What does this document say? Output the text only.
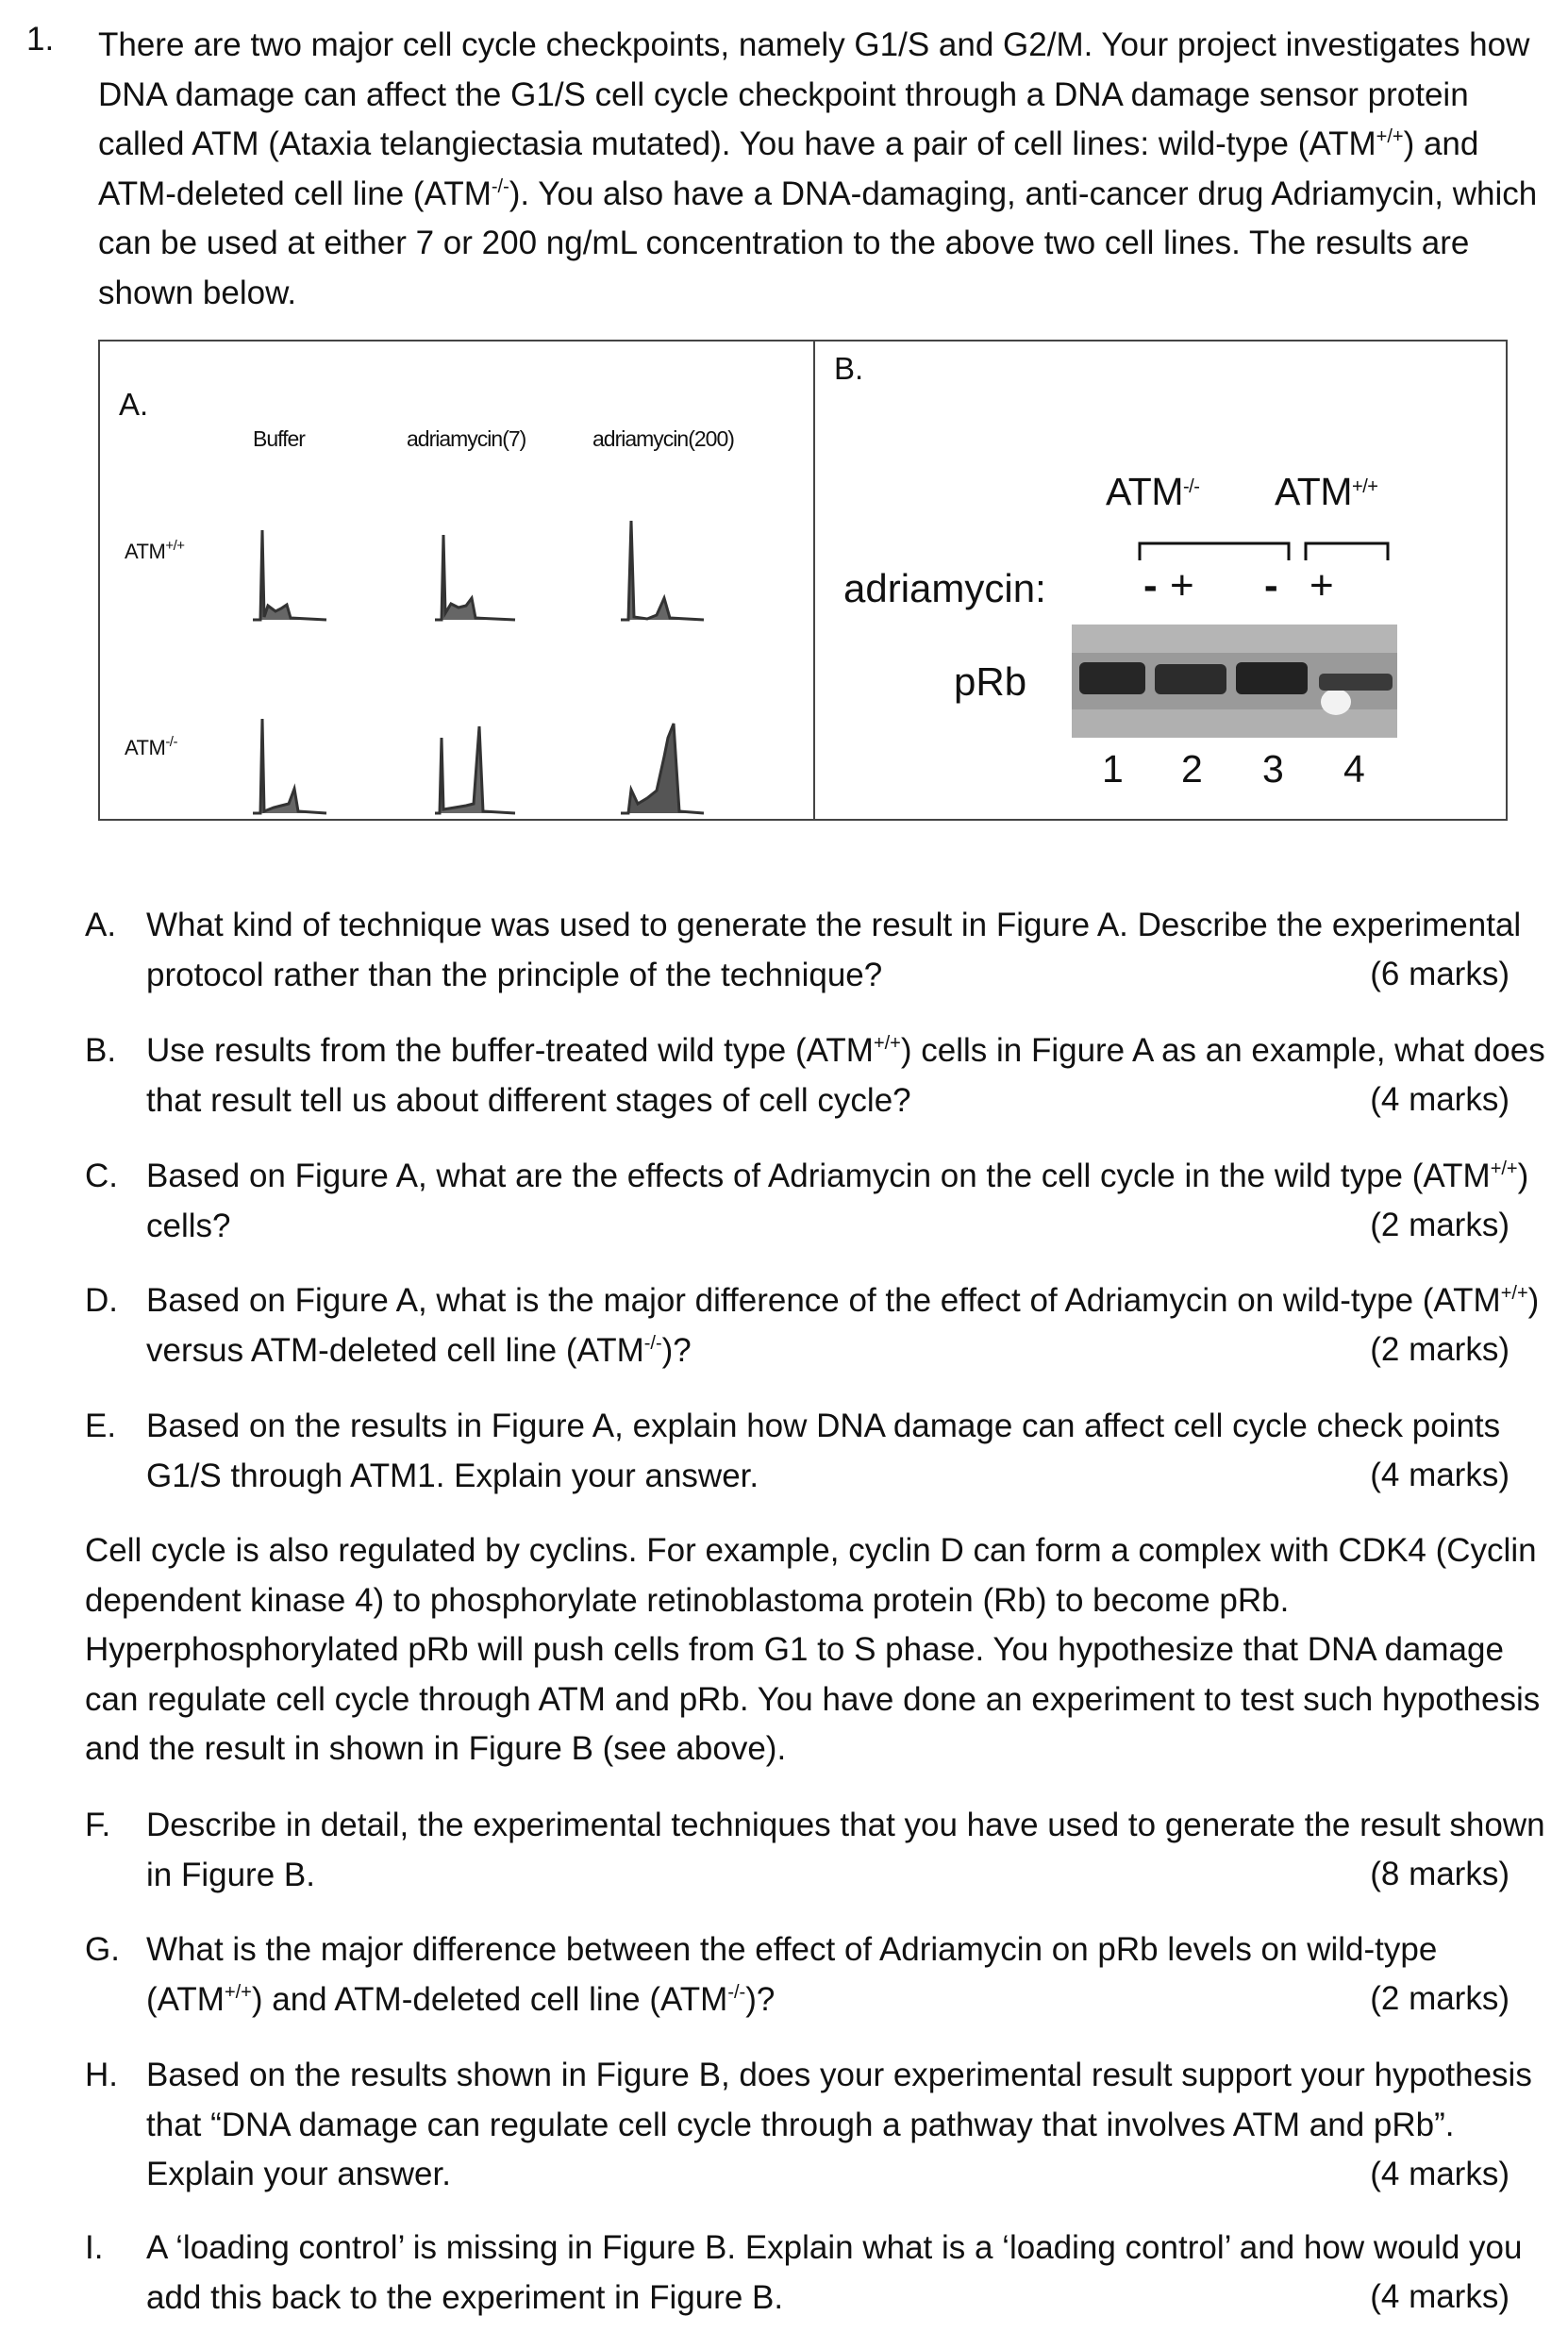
1. There are two major cell cycle checkpoints, namely G1/S and G2/M. Your project investigates how DNA damage can affect the G1/S cell cycle checkpoint through a DNA damage sensor protein called ATM (Ataxia telangiectasia mutated). You have a pair of cell lines: wild-type (ATM+/+) and ATM-deleted cell line (ATM-/-). You also have a DNA-damaging, anti-cancer drug Adriamycin, which can be used at either 7 or 200 ng/mL concentration to the above two cell lines. The results are shown below.
A.
B.
Buffer	adriamycin(7)	adriamycin(200)
ATM+/+
ATM-/-
ATM-/- ATM+/+
adriamycin: - + - +
pRb
1 2 3 4
A. What kind of technique was used to generate the result in Figure A. Describe the experimental protocol rather than the principle of the technique?	(6 marks)
B. Use results from the buffer-treated wild type (ATM+/+) cells in Figure A as an example, what does that result tell us about different stages of cell cycle?	(4 marks)
C. Based on Figure A, what are the effects of Adriamycin on the cell cycle in the wild type (ATM+/+) cells?	(2 marks)
D. Based on Figure A, what is the major difference of the effect of Adriamycin on wild-type (ATM+/+) versus ATM-deleted cell line (ATM-/-)?	(2 marks)
E. Based on the results in Figure A, explain how DNA damage can affect cell cycle check points G1/S through ATM1. Explain your answer.	(4 marks)
Cell cycle is also regulated by cyclins. For example, cyclin D can form a complex with CDK4 (Cyclin dependent kinase 4) to phosphorylate retinoblastoma protein (Rb) to become pRb. Hyperphosphorylated pRb will push cells from G1 to S phase. You hypothesize that DNA damage can regulate cell cycle through ATM and pRb. You have done an experiment to test such hypothesis and the result in shown in Figure B (see above).
F. Describe in detail, the experimental techniques that you have used to generate the result shown in Figure B.	(8 marks)
G. What is the major difference between the effect of Adriamycin on pRb levels on wild-type (ATM+/+) and ATM-deleted cell line (ATM-/-)?	(2 marks)
H. Based on the results shown in Figure B, does your experimental result support your hypothesis that “DNA damage can regulate cell cycle through a pathway that involves ATM and pRb”. Explain your answer.	(4 marks)
I. A ‘loading control’ is missing in Figure B. Explain what is a ‘loading control’ and how would you add this back to the experiment in Figure B.	(4 marks)
